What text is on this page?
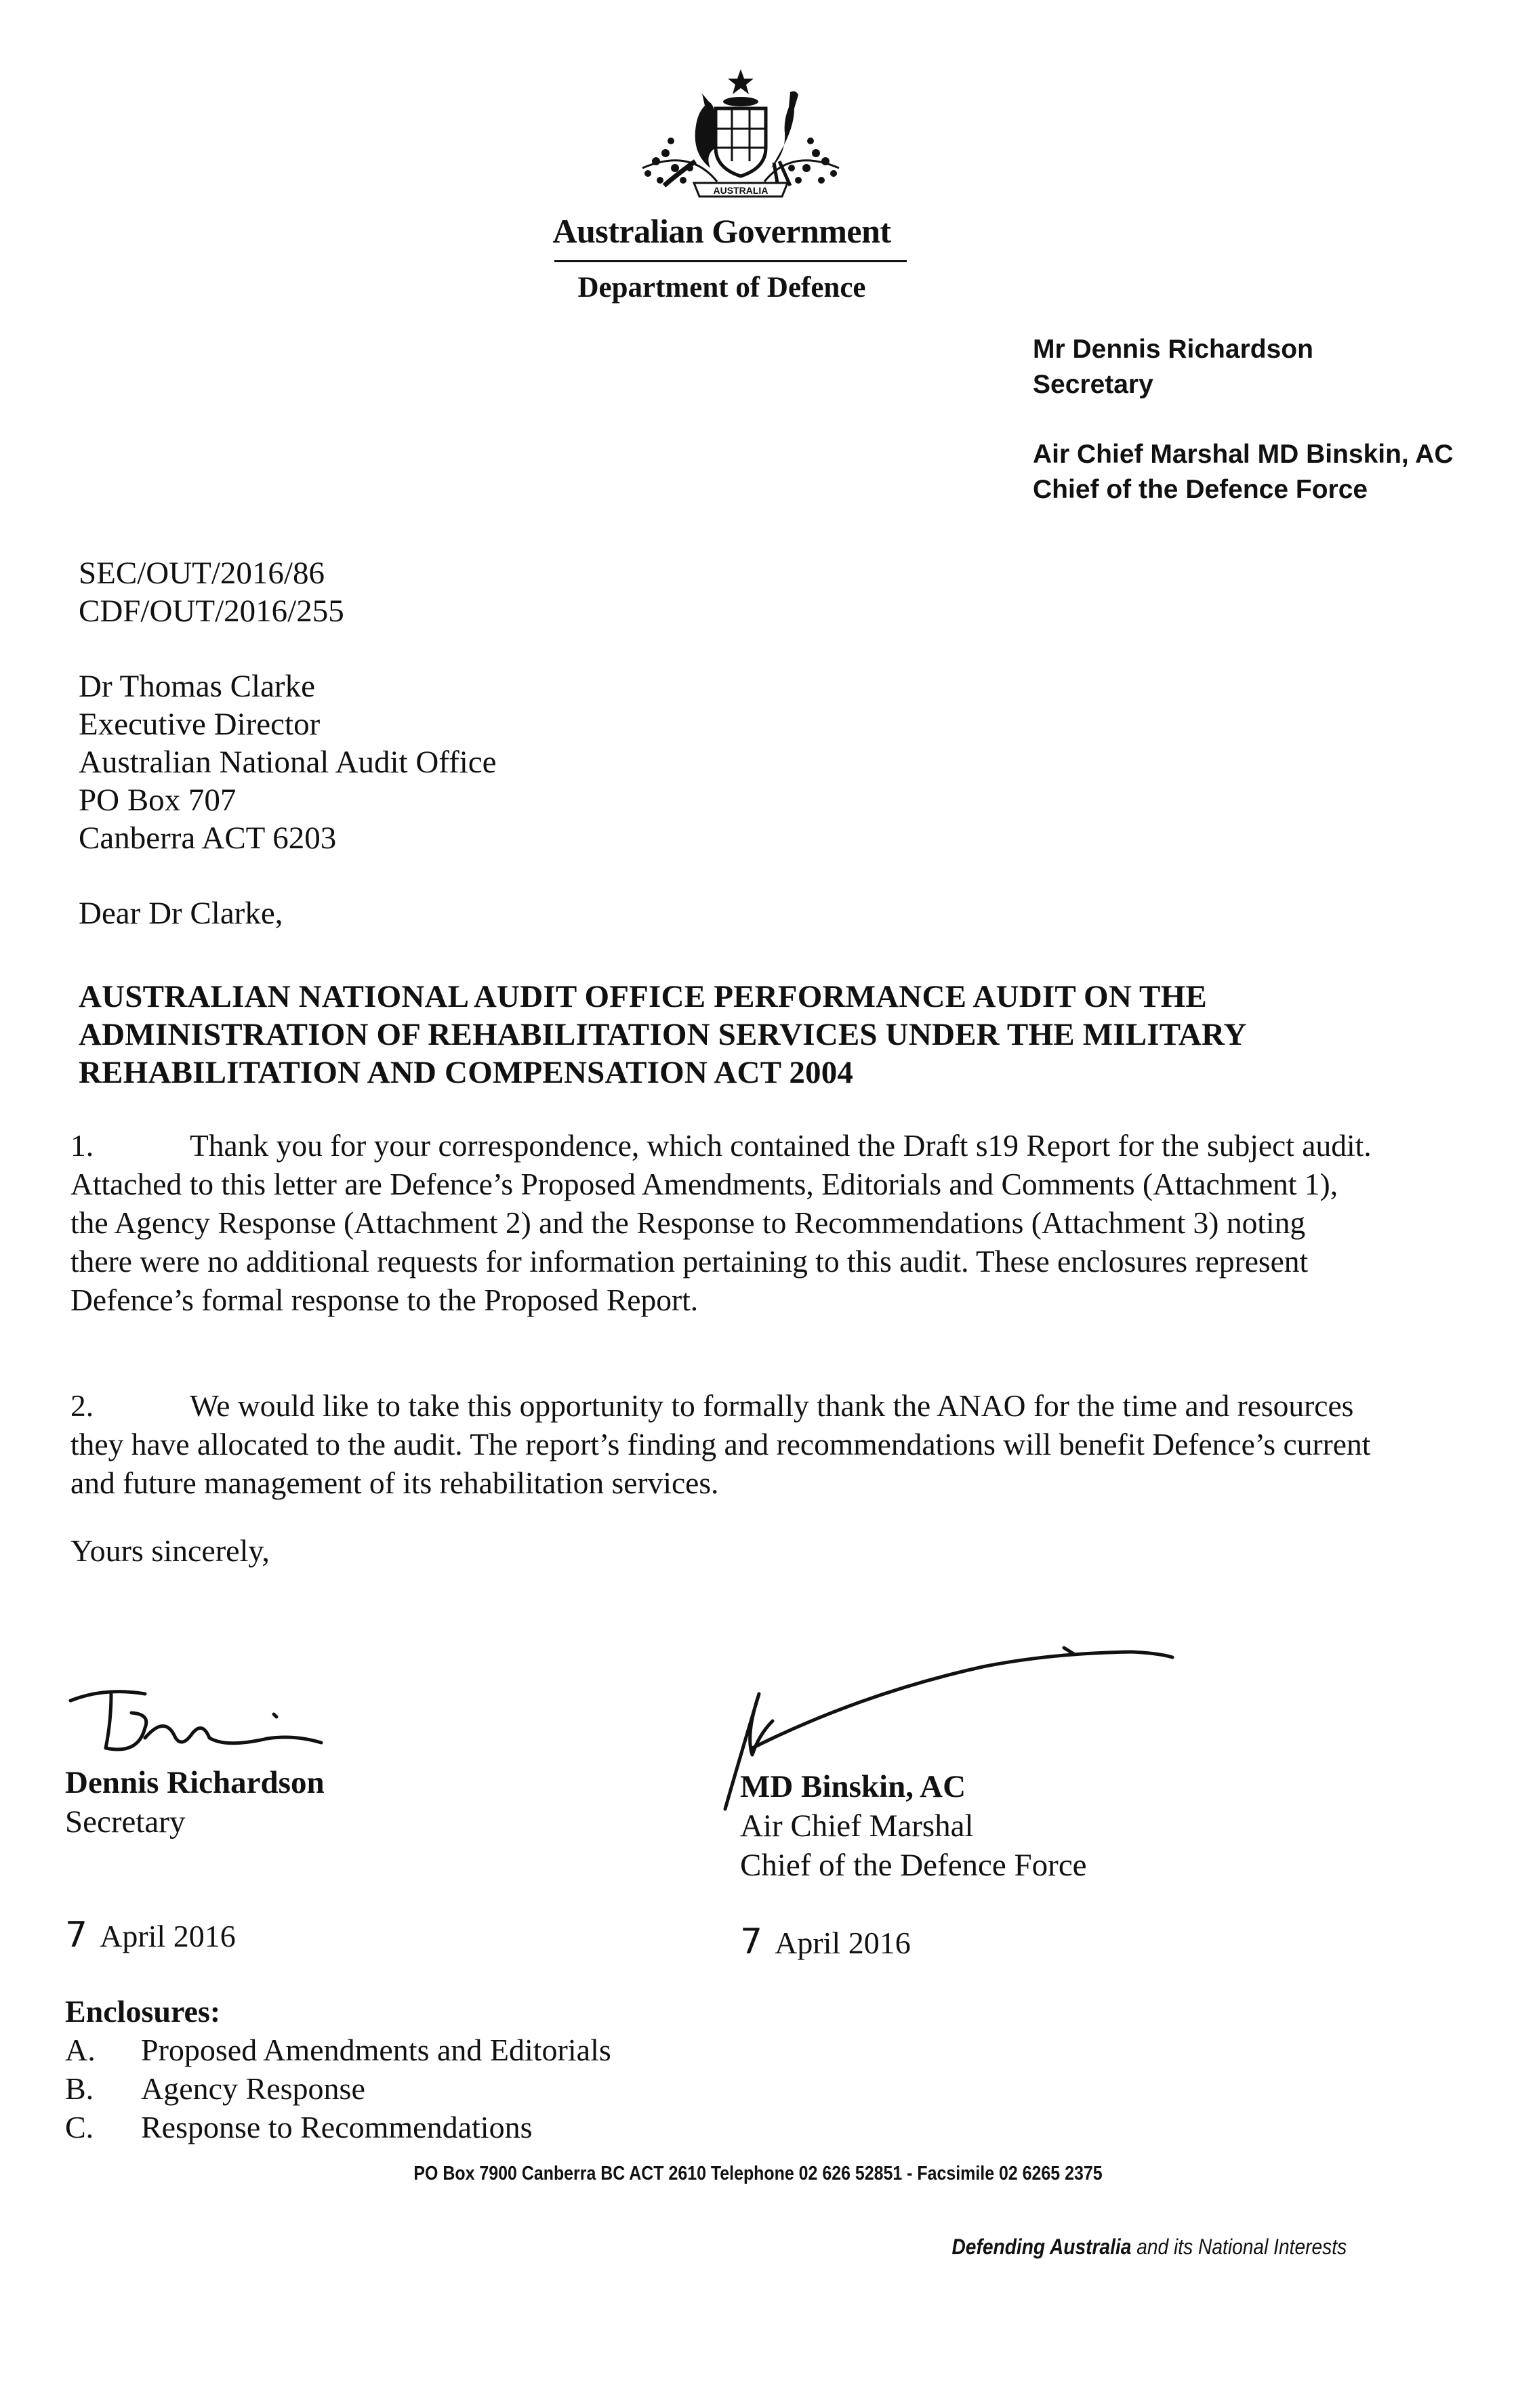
AUSTRALIA
Australian Government
Department of Defence
Mr Dennis Richardson
Secretary
Air Chief Marshal MD Binskin, AC
Chief of the Defence Force
SEC/OUT/2016/86
CDF/OUT/2016/255
Dr Thomas Clarke
Executive Director
Australian National Audit Office
PO Box 707
Canberra ACT 6203
Dear Dr Clarke,
AUSTRALIAN NATIONAL AUDIT OFFICE PERFORMANCE AUDIT ON THE ADMINISTRATION OF REHABILITATION SERVICES UNDER THE MILITARY REHABILITATION AND COMPENSATION ACT 2004
1.	Thank you for your correspondence, which contained the Draft s19 Report for the subject audit. Attached to this letter are Defence’s Proposed Amendments, Editorials and Comments (Attachment 1), the Agency Response (Attachment 2) and the Response to Recommendations (Attachment 3) noting there were no additional requests for information pertaining to this audit. These enclosures represent Defence’s formal response to the Proposed Report.
2.	We would like to take this opportunity to formally thank the ANAO for the time and resources they have allocated to the audit. The report’s finding and recommendations will benefit Defence’s current and future management of its rehabilitation services.
Yours sincerely,
Dennis Richardson
Secretary
MD Binskin, AC
Air Chief Marshal
Chief of the Defence Force
7 April 2016	7 April 2016
Enclosures:
A. Proposed Amendments and Editorials
B. Agency Response
C. Response to Recommendations
PO Box 7900 Canberra BC ACT 2610 Telephone 02 626 52851 - Facsimile 02 6265 2375
Defending Australia and its National Interests
